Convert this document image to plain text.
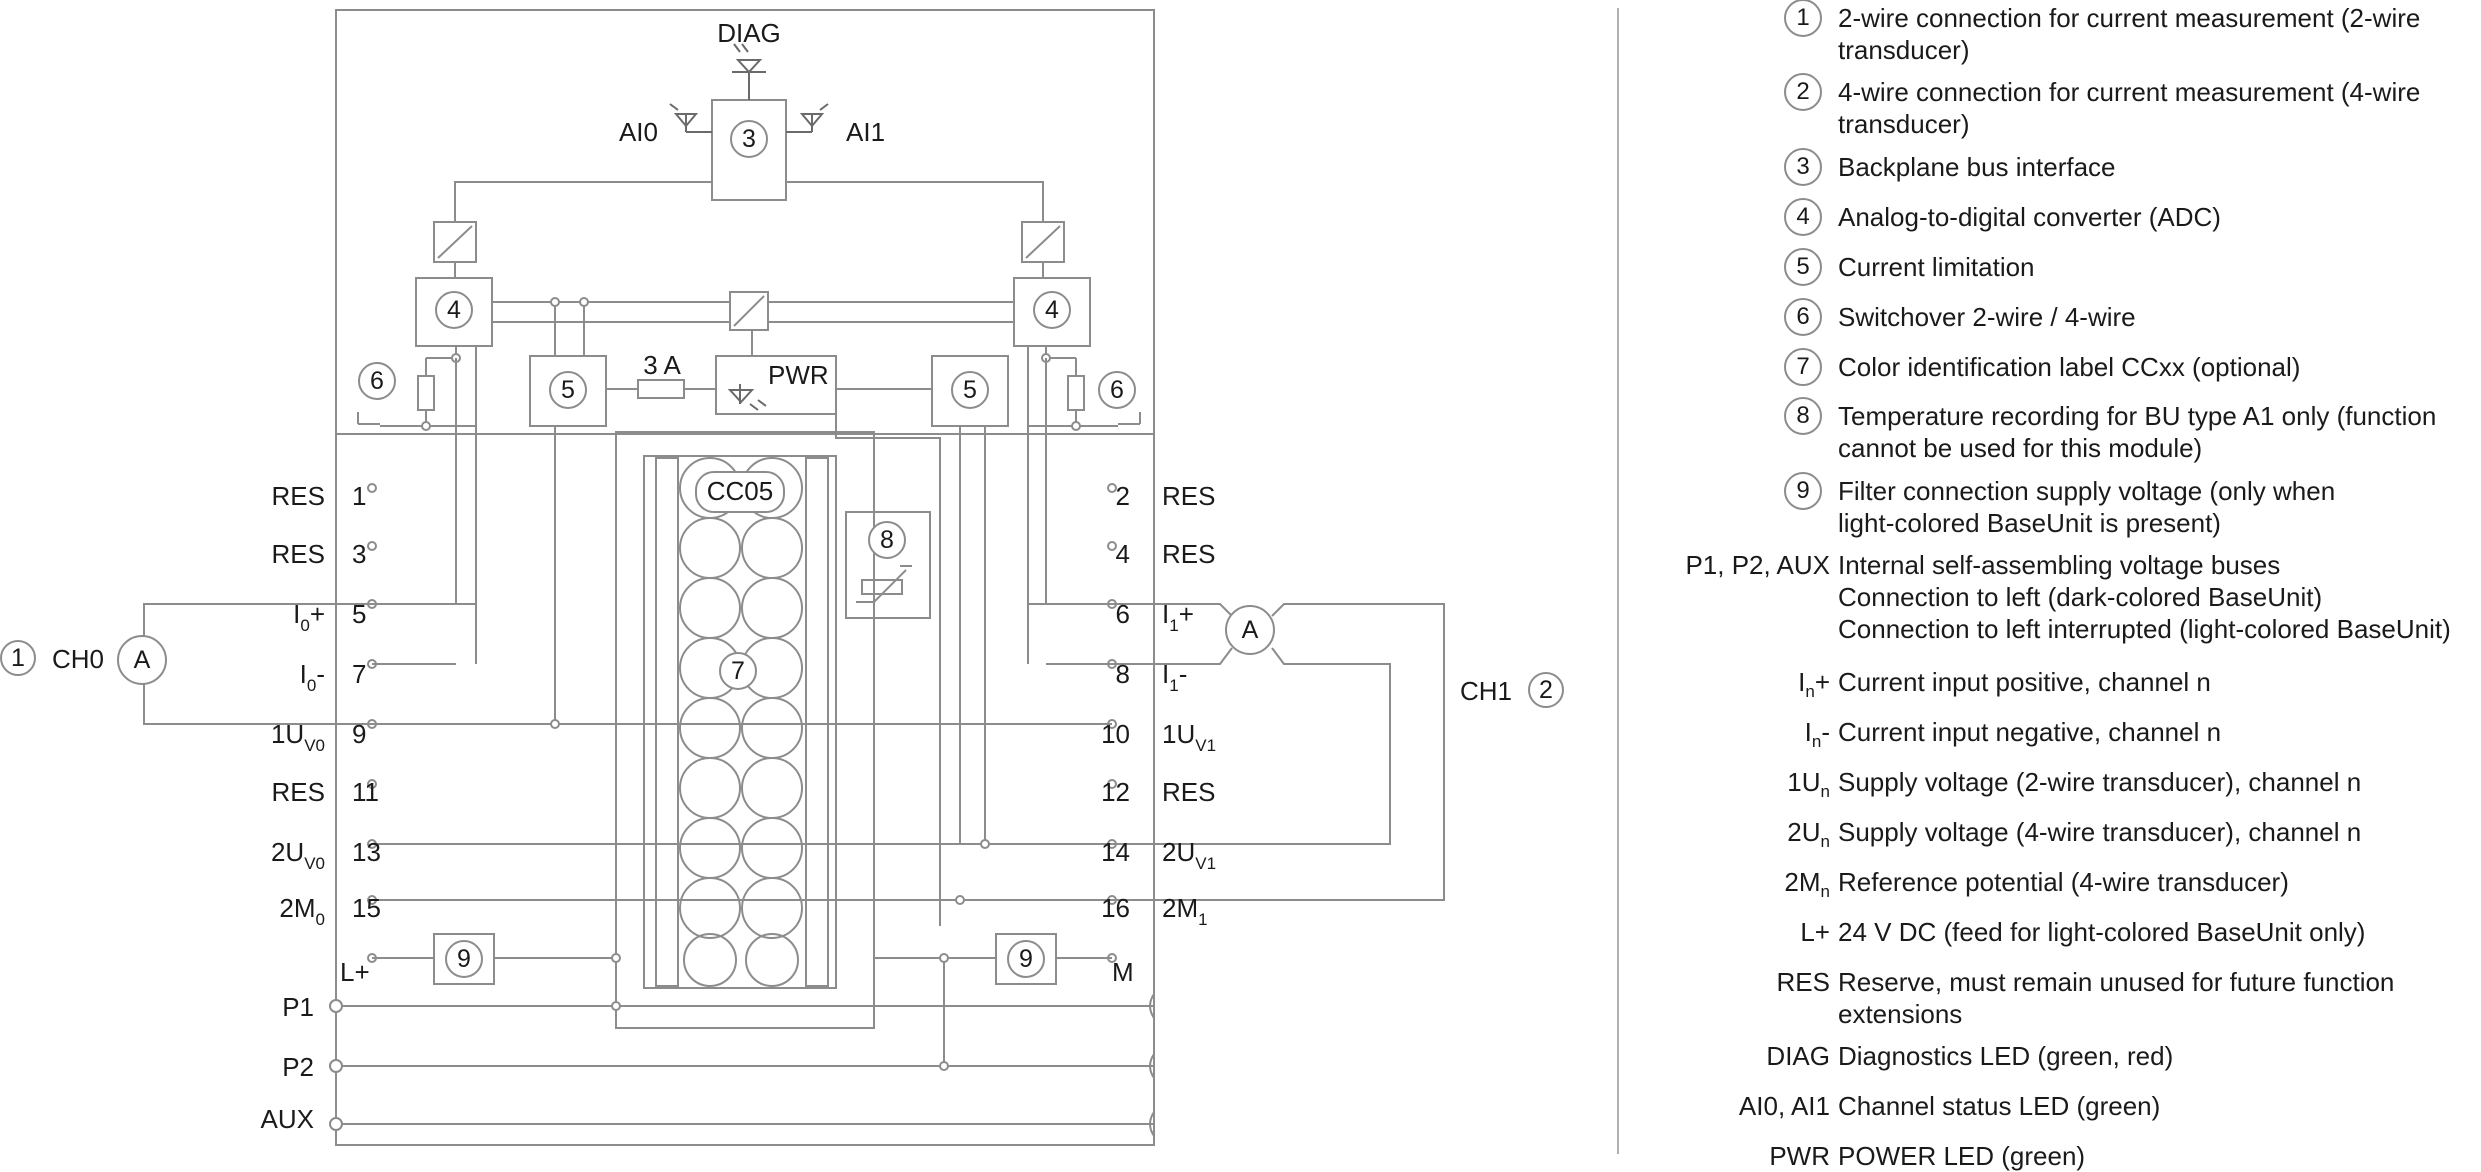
3
DIAG
AI0	AI1
4	4
5	5
3 A	PWR
6	6
CC05
7
8
1 CH0 A
2
CH1
A
9	9
P1
P2
AUX
L+	M
RES 1
RES 3
$I_0+ 5$
$I_0-$ 7
$1U_{V0}$ 9
RES 11
$2U_{V0}$ 13
$2M_0$ 15
2 RES
4 RES
6 $I_1+$
8 $I_1-$
10 $1U_{V1}$
12 RES
14 $2U_{V1}$
16 $2M_1$
1	2-wire connection for current measurement (2-wire
transducer)
2	4-wire connection for current measurement (4-wire
transducer)
3	Backplane bus interface
4	Analog-to-digital converter (ADC)
5	Current limitation
6	Switchover 2-wire / 4-wire
7	Color identification label CCxx (optional)
8	Temperature recording for BU type A1 only (function
cannot be used for this module)
9	Filter connection supply voltage (only when
light-colored BaseUnit is present)
P1, P2, AUX Internal self-assembling voltage buses
Connection to left (dark-colored BaseUnit)
Connection to left interrupted (light-colored BaseUnit)
$I_n+$ Current input positive, channel n
$I_n-$ Current input negative, channel n
$1U_n$ Supply voltage (2-wire transducer), channel n
$2U_n$ Supply voltage (4-wire transducer), channel n
$2M_n$ Reference potential (4-wire transducer)
L+ 24 V DC (feed for light-colored BaseUnit only)
RES Reserve, must remain unused for future function
extensions
DIAG Diagnostics LED (green, red)
AI0, AI1 Channel status LED (green)
PWR POWER LED (green)
